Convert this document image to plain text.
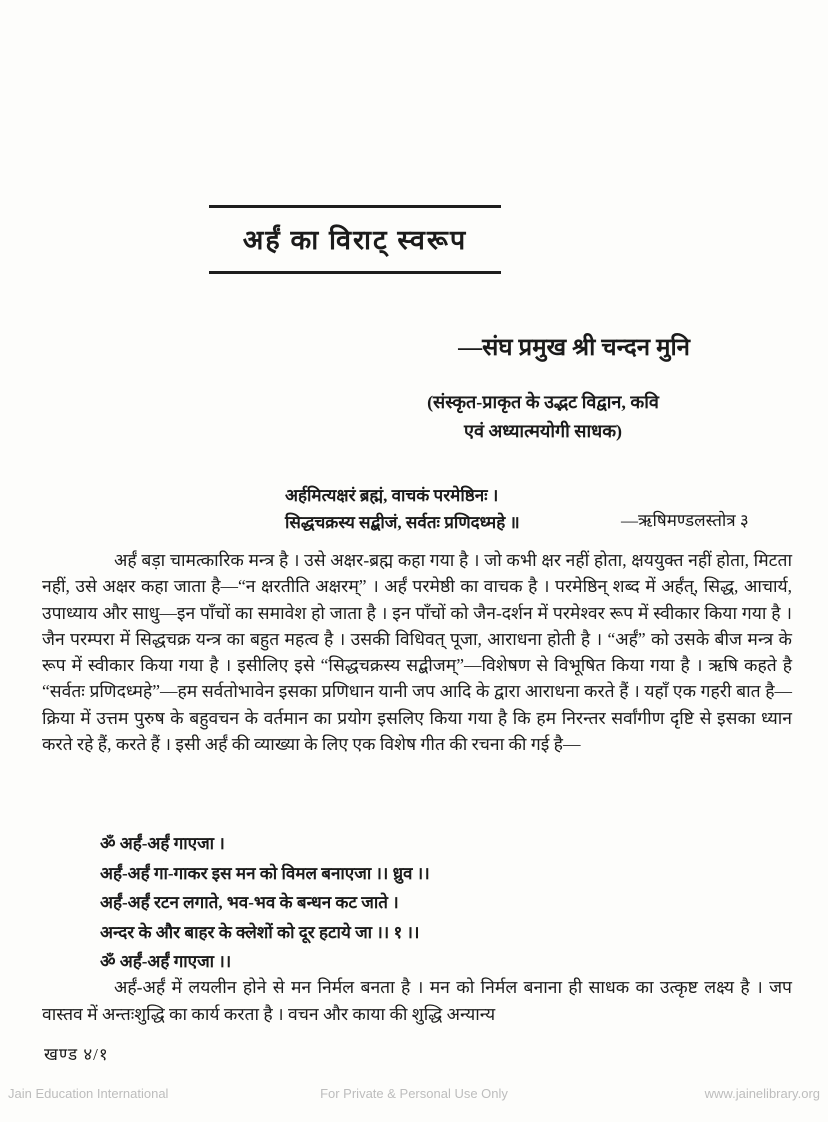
अर्हं का विराट् स्वरूप
—संघ प्रमुख श्री चन्दन मुनि
(संस्कृत-प्राकृत के उद्भट विद्वान, कवि
एवं अध्यात्मयोगी साधक)
अर्हमित्यक्षरं ब्रह्मं, वाचकं परमेष्ठिनः ।
सिद्धचक्रस्य सद्बीजं, सर्वतः प्रणिदध्महे ॥	—ऋषिमण्डलस्तोत्र ३
अर्हं बड़ा चामत्कारिक मन्त्र है । उसे अक्षर-ब्रह्म कहा गया है । जो कभी क्षर नहीं होता, क्षययुक्त नहीं होता, मिटता नहीं, उसे अक्षर कहा जाता है—“न क्षरतीति अक्षरम्” । अर्हं परमेष्ठी का वाचक है । परमेष्ठिन् शब्द में अर्हंत्, सिद्ध, आचार्य, उपाध्याय और साधु—इन पाँचों का समावेश हो जाता है । इन पाँचों को जैन-दर्शन में परमेश्वर रूप में स्वीकार किया गया है । जैन परम्परा में सिद्धचक्र यन्त्र का बहुत महत्व है । उसकी विधिवत् पूजा, आराधना होती है । “अर्हं” को उसके बीज मन्त्र के रूप में स्वीकार किया गया है । इसीलिए इसे “सिद्धचक्रस्य सद्बीजम्”—विशेषण से विभूषित किया गया है । ऋषि कहते है “सर्वतः प्रणिदध्महे”—हम सर्वतोभावेन इसका प्रणिधान यानी जप आदि के द्वारा आराधना करते हैं । यहाँ एक गहरी बात है—क्रिया में उत्तम पुरुष के बहुवचन के वर्तमान का प्रयोग इसलिए किया गया है कि हम निरन्तर सर्वांगीण दृष्टि से इसका ध्यान करते रहे हैं, करते हैं । इसी अर्हं की व्याख्या के लिए एक विशेष गीत की रचना की गई है—
ॐ अर्हं-अर्हं गाएजा ।
अर्हं-अर्हं गा-गाकर इस मन को विमल बनाएजा ।। ध्रुव ।।
अर्हं-अर्हं रटन लगाते, भव-भव के बन्धन कट जाते ।
अन्दर के और बाहर के क्लेशों को दूर हटाये जा ।। १ ।।
ॐ अर्हं-अर्हं गाएजा ।।
अर्हं-अर्हं में लयलीन होने से मन निर्मल बनता है । मन को निर्मल बनाना ही साधक का उत्कृष्ट लक्ष्य है । जप वास्तव में अन्तःशुद्धि का कार्य करता है । वचन और काया की शुद्धि अन्यान्य
खण्ड ४/१
Jain Education International	For Private & Personal Use Only	www.jainelibrary.org
